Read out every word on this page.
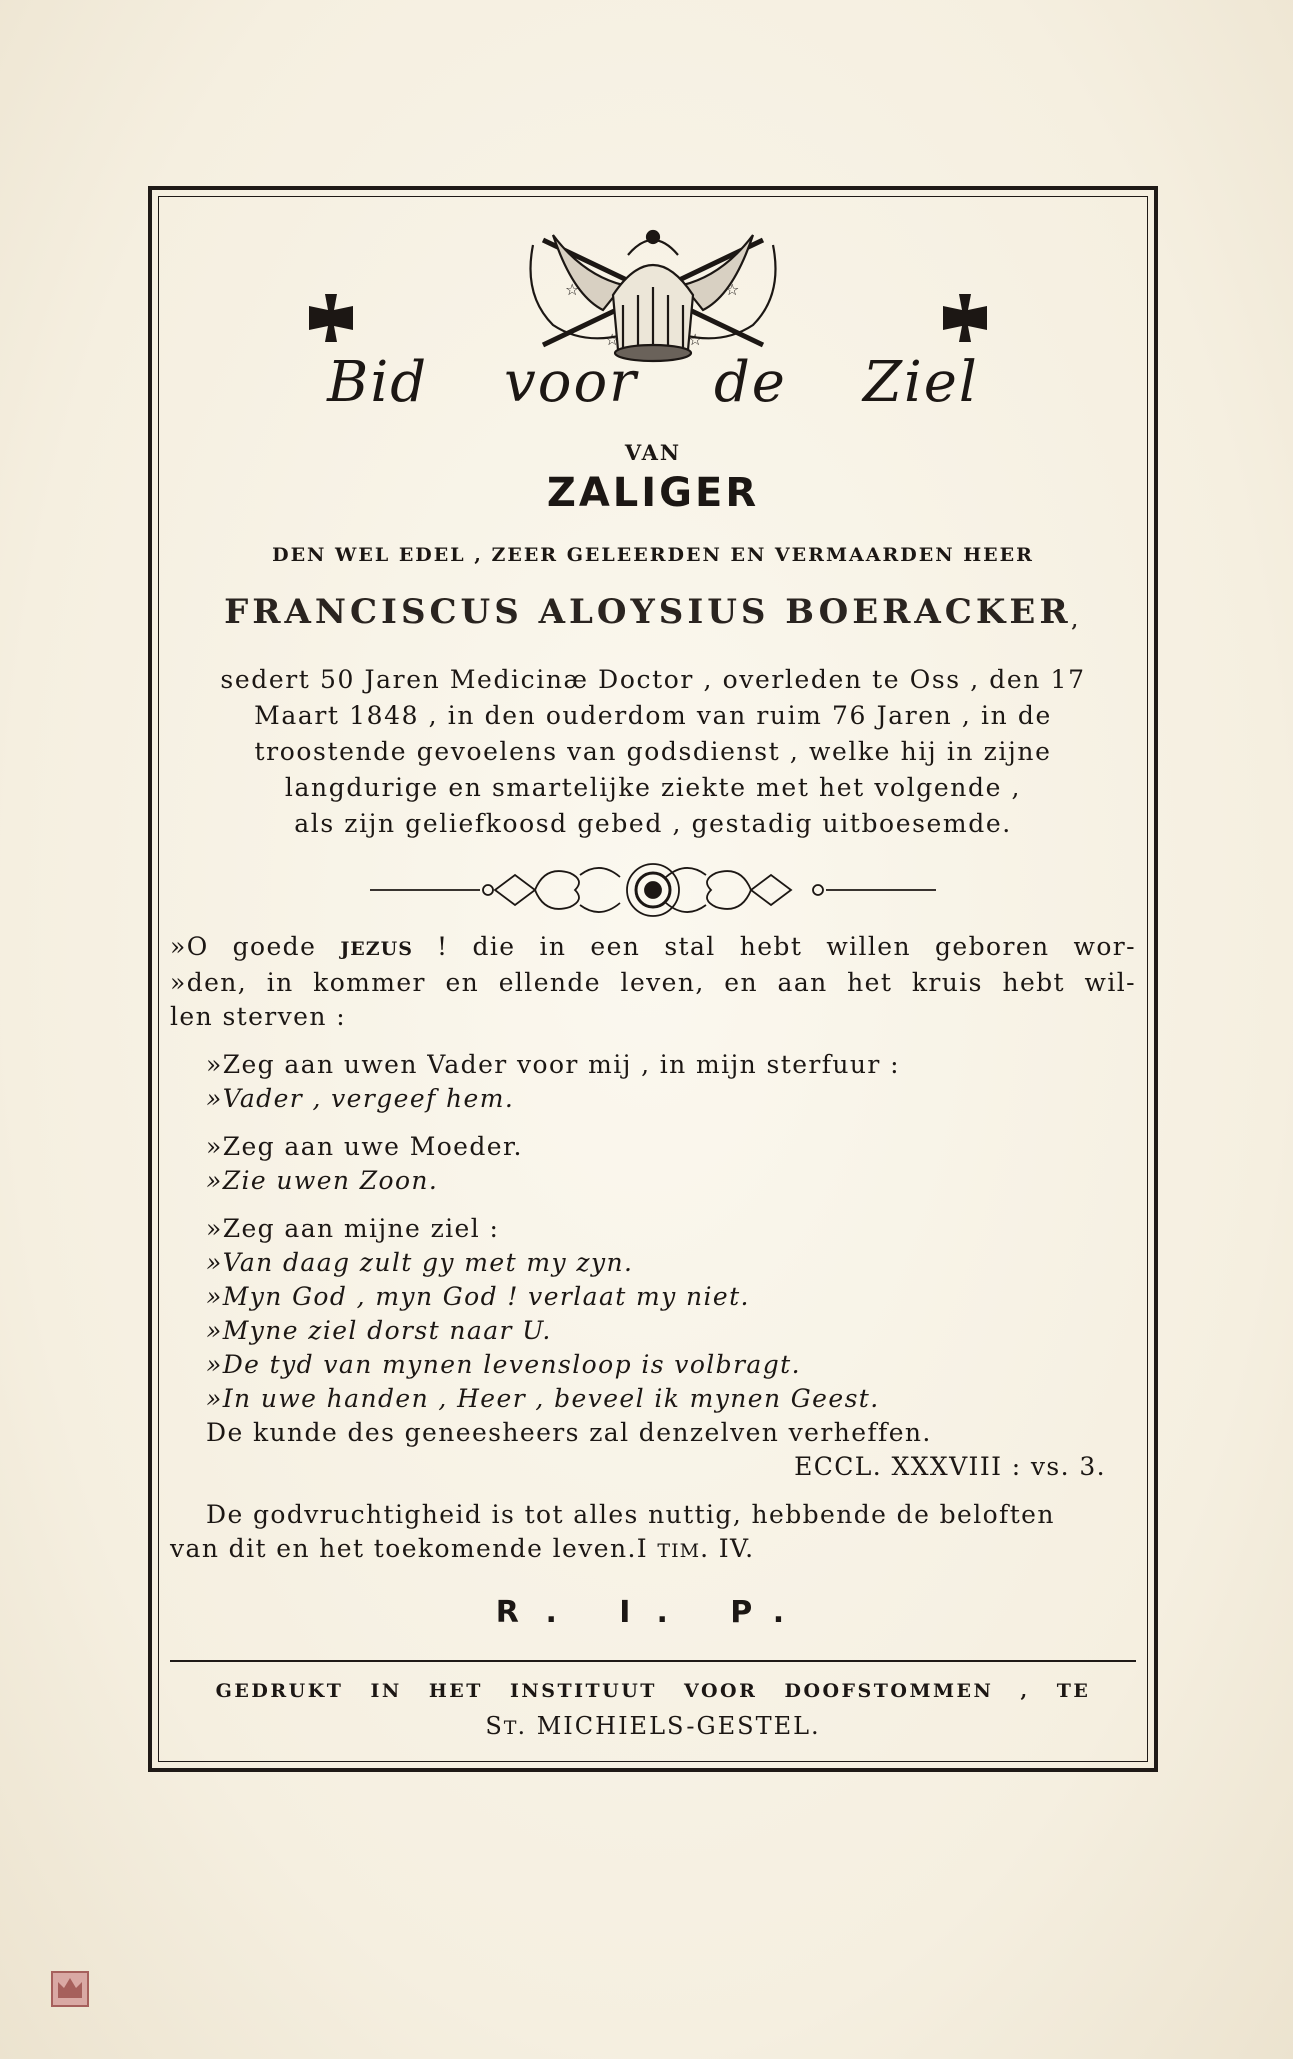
☆	☆
☆	☆
Bid voor de Ziel
VAN
ZALIGER
DEN WEL EDEL , ZEER GELEERDEN EN VERMAARDEN HEER
FRANCISCUS ALOYSIUS BOERACKER,
sedert 50 Jaren Medicinæ Doctor , overleden te Oss , den 17
Maart 1848 , in den ouderdom van ruim 76 Jaren , in de
troostende gevoelens van godsdienst , welke hij in zijne
langdurige en smartelijke ziekte met het volgende ,
als zijn geliefkoosd gebed , gestadig uitboesemde.
»O goede JEZUS ! die in een stal hebt willen geboren wor-
»den, in kommer en ellende leven, en aan het kruis hebt wil-
len sterven :
»Zeg aan uwen Vader voor mij , in mijn sterfuur :
»Vader , vergeef hem.
»Zeg aan uwe Moeder.
»Zie uwen Zoon.
»Zeg aan mijne ziel :
»Van daag zult gy met my zyn.
»Myn God , myn God ! verlaat my niet.
»Myne ziel dorst naar U.
»De tyd van mynen levensloop is volbragt.
»In uwe handen , Heer , beveel ik mynen Geest.
De kunde des geneesheers zal denzelven verheffen.
ECCL. XXXVIII : vs. 3.
De godvruchtigheid is tot alles nuttig, hebbende de beloften
van dit en het toekomende leven.I TIM. IV.
R. I. P.
GEDRUKT IN HET INSTITUUT VOOR DOOFSTOMMEN , TE
ST. MICHIELS-GESTEL.
